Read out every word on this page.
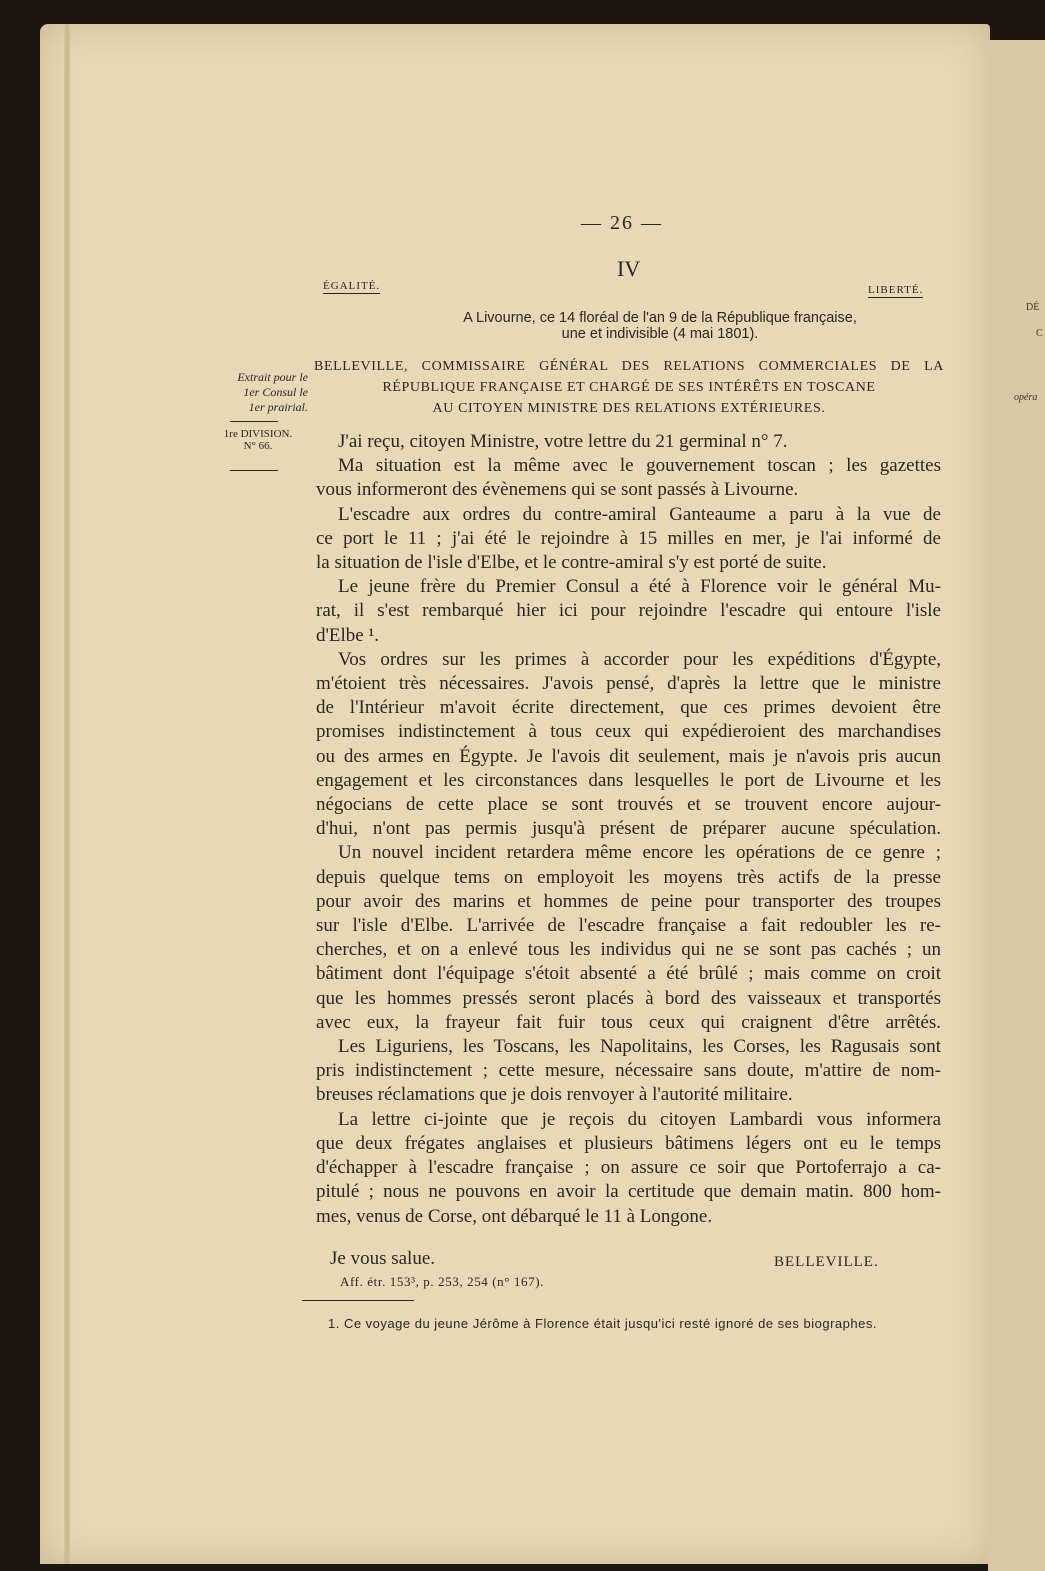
— 26 —
IV
ÉGALITÉ.	LIBERTÉ.
A Livourne, ce 14 floréal de l'an 9 de la République française,
une et indivisible (4 mai 1801).
BELLEVILLE, COMMISSAIRE GÉNÉRAL DES RELATIONS COMMERCIALES DE LA
RÉPUBLIQUE FRANÇAISE ET CHARGÉ DE SES INTÉRÊTS EN TOSCANE
AU CITOYEN MINISTRE DES RELATIONS EXTÉRIEURES.
Extrait pour le
1er Consul le
1er prairial.
1re DIVISION.
N° 66.	J'ai reçu, citoyen Ministre, votre lettre du 21 germinal n° 7.
Ma situation est la même avec le gouvernement toscan ; les gazettes
vous informeront des évènemens qui se sont passés à Livourne.
L'escadre aux ordres du contre-amiral Ganteaume a paru à la vue de
ce port le 11 ; j'ai été le rejoindre à 15 milles en mer, je l'ai informé de
la situation de l'isle d'Elbe, et le contre-amiral s'y est porté de suite.
Le jeune frère du Premier Consul a été à Florence voir le général Mu-
rat, il s'est rembarqué hier ici pour rejoindre l'escadre qui entoure l'isle
d'Elbe ¹.
Vos ordres sur les primes à accorder pour les expéditions d'Égypte,
m'étoient très nécessaires. J'avois pensé, d'après la lettre que le ministre
de l'Intérieur m'avoit écrite directement, que ces primes devoient être
promises indistinctement à tous ceux qui expédieroient des marchandises
ou des armes en Égypte. Je l'avois dit seulement, mais je n'avois pris aucun
engagement et les circonstances dans lesquelles le port de Livourne et les
négocians de cette place se sont trouvés et se trouvent encore aujour-
d'hui, n'ont pas permis jusqu'à présent de préparer aucune spéculation.
Un nouvel incident retardera même encore les opérations de ce genre ;
depuis quelque tems on employoit les moyens très actifs de la presse
pour avoir des marins et hommes de peine pour transporter des troupes
sur l'isle d'Elbe. L'arrivée de l'escadre française a fait redoubler les re-
cherches, et on a enlevé tous les individus qui ne se sont pas cachés ; un
bâtiment dont l'équipage s'étoit absenté a été brûlé ; mais comme on croit
que les hommes pressés seront placés à bord des vaisseaux et transportés
avec eux, la frayeur fait fuir tous ceux qui craignent d'être arrêtés.
Les Liguriens, les Toscans, les Napolitains, les Corses, les Ragusais sont
pris indistinctement ; cette mesure, nécessaire sans doute, m'attire de nom-
breuses réclamations que je dois renvoyer à l'autorité militaire.
La lettre ci-jointe que je reçois du citoyen Lambardi vous informera
que deux frégates anglaises et plusieurs bâtimens légers ont eu le temps
d'échapper à l'escadre française ; on assure ce soir que Portoferrajo a ca-
pitulé ; nous ne pouvons en avoir la certitude que demain matin. 800 hom-
mes, venus de Corse, ont débarqué le 11 à Longone.
Je vous salue.	BELLEVILLE.
Aff. étr. 153³, p. 253, 254 (n° 167).
1. Ce voyage du jeune Jérôme à Florence était jusqu'ici resté ignoré de ses biographes.
DÉ
C
opéra
